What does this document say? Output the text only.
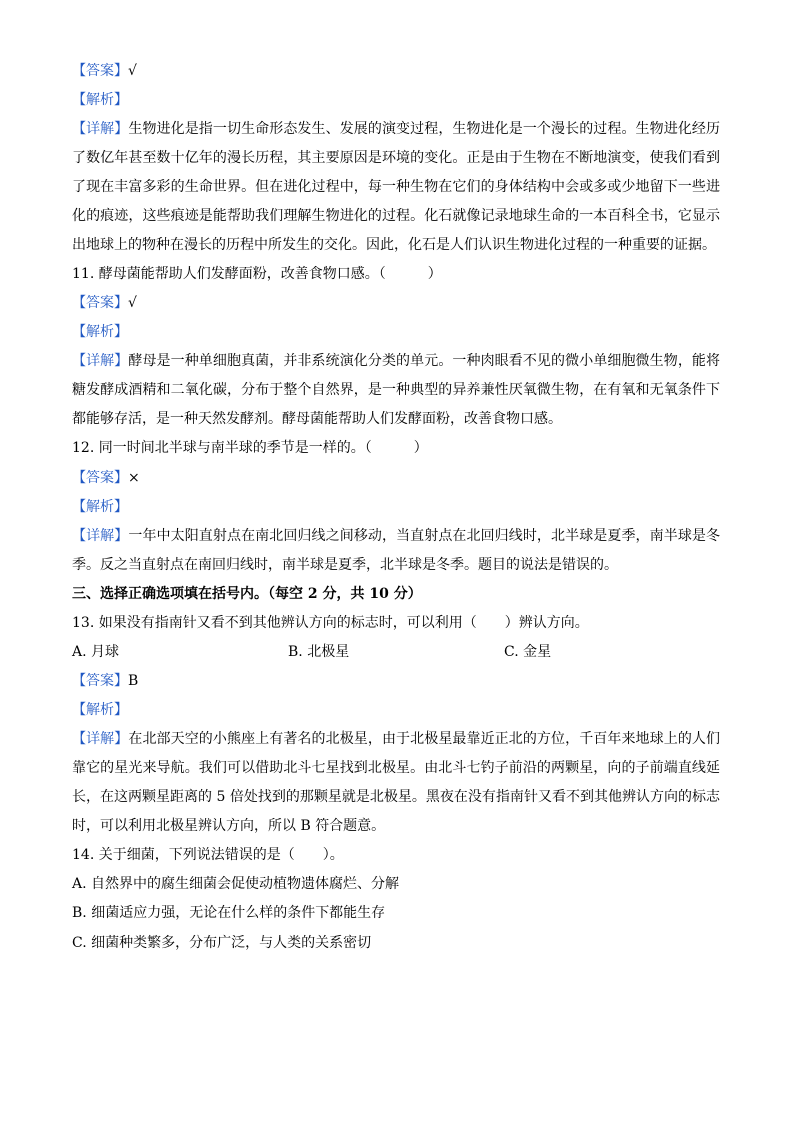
【答案】√
【解析】
【详解】生物进化是指一切生命形态发生、发展的演变过程，生物进化是一个漫长的过程。生物进化经历了数亿年甚至数十亿年的漫长历程，其主要原因是环境的变化。正是由于生物在不断地演变，使我们看到了现在丰富多彩的生命世界。但在进化过程中，每一种生物在它们的身体结构中会或多或少地留下一些进化的痕迹，这些痕迹是能帮助我们理解生物进化的过程。化石就像记录地球生命的一本百科全书，它显示出地球上的物种在漫长的历程中所发生的交化。因此，化石是人们认识生物进化过程的一种重要的证据。
11. 酵母菌能帮助人们发酵面粉，改善食物口感。（　　　）
【答案】√
【解析】
【详解】酵母是一种单细胞真菌，并非系统演化分类的单元。一种肉眼看不见的微小单细胞微生物，能将糖发酵成酒精和二氧化碳，分布于整个自然界，是一种典型的异养兼性厌氧微生物，在有氧和无氧条件下都能够存活，是一种天然发酵剂。酵母菌能帮助人们发酵面粉，改善食物口感。
12. 同一时间北半球与南半球的季节是一样的。（　　　）
【答案】×
【解析】
【详解】一年中太阳直射点在南北回归线之间移动，当直射点在北回归线时，北半球是夏季，南半球是冬季。反之当直射点在南回归线时，南半球是夏季，北半球是冬季。题目的说法是错误的。
三、选择正确选项填在括号内。（每空 2 分，共 10 分）
13. 如果没有指南针又看不到其他辨认方向的标志时，可以利用（　　）辨认方向。
A. 月球	B. 北极星	C. 金星
【答案】B
【解析】
【详解】在北部天空的小熊座上有著名的北极星，由于北极星最靠近正北的方位，千百年来地球上的人们靠它的星光来导航。我们可以借助北斗七星找到北极星。由北斗七钓子前沿的两颗星，向的子前端直线延长，在这两颗星距离的 5 倍处找到的那颗星就是北极星。黑夜在没有指南针又看不到其他辨认方向的标志时，可以利用北极星辨认方向，所以 B 符合题意。
14. 关于细菌，下列说法错误的是（　　）。
A. 自然界中的腐生细菌会促使动植物遗体腐烂、分解
B. 细菌适应力强，无论在什么样的条件下都能生存
C. 细菌种类繁多，分布广泛，与人类的关系密切
